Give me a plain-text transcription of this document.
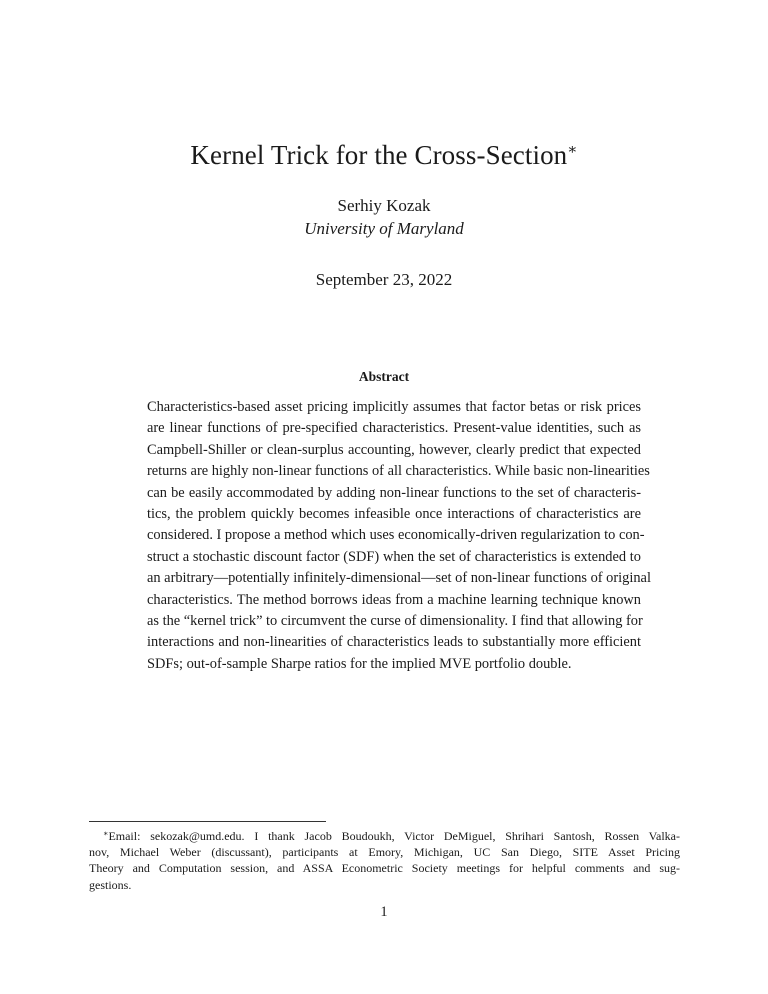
Kernel Trick for the Cross-Section∗
Serhiy Kozak
University of Maryland
September 23, 2022
Abstract
Characteristics-based asset pricing implicitly assumes that factor betas or risk prices
are linear functions of pre-specified characteristics. Present-value identities, such as
Campbell-Shiller or clean-surplus accounting, however, clearly predict that expected
returns are highly non-linear functions of all characteristics. While basic non-linearities
can be easily accommodated by adding non-linear functions to the set of characteris-
tics, the problem quickly becomes infeasible once interactions of characteristics are
considered. I propose a method which uses economically-driven regularization to con-
struct a stochastic discount factor (SDF) when the set of characteristics is extended to
an arbitrary—potentially infinitely-dimensional—set of non-linear functions of original
characteristics. The method borrows ideas from a machine learning technique known
as the “kernel trick” to circumvent the curse of dimensionality. I find that allowing for
interactions and non-linearities of characteristics leads to substantially more efficient
SDFs; out-of-sample Sharpe ratios for the implied MVE portfolio double.
∗Email: sekozak@umd.edu. I thank Jacob Boudoukh, Victor DeMiguel, Shrihari Santosh, Rossen Valka-
nov, Michael Weber (discussant), participants at Emory, Michigan, UC San Diego, SITE Asset Pricing
Theory and Computation session, and ASSA Econometric Society meetings for helpful comments and sug-
gestions.
1
